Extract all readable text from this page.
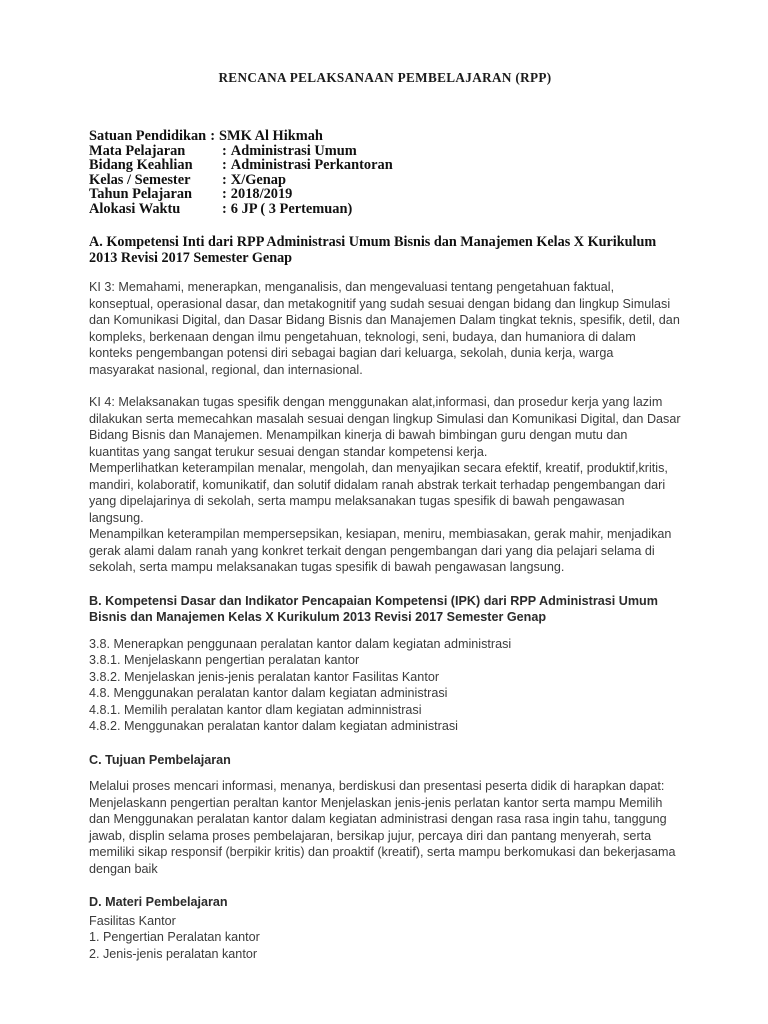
RENCANA PELAKSANAAN PEMBELAJARAN (RPP)
Satuan Pendidikan : SMK Al Hikmah
Mata Pelajaran	: Administrasi Umum
Bidang Keahlian	: Administrasi Perkantoran
Kelas / Semester	: X/Genap
Tahun Pelajaran	: 2018/2019
Alokasi Waktu	: 6 JP ( 3 Pertemuan)
A. Kompetensi Inti dari RPP Administrasi Umum Bisnis dan Manajemen Kelas X Kurikulum 2013 Revisi 2017 Semester Genap
KI 3: Memahami, menerapkan, menganalisis, dan mengevaluasi tentang pengetahuan faktual, konseptual, operasional dasar, dan metakognitif yang sudah sesuai dengan bidang dan lingkup Simulasi dan Komunikasi Digital, dan Dasar Bidang Bisnis dan Manajemen Dalam tingkat teknis, spesifik, detil, dan kompleks, berkenaan dengan ilmu pengetahuan, teknologi, seni, budaya, dan humaniora di dalam konteks pengembangan potensi diri sebagai bagian dari keluarga, sekolah, dunia kerja, warga masyarakat nasional, regional, dan internasional.
KI 4: Melaksanakan tugas spesifik dengan menggunakan alat,informasi, dan prosedur kerja yang lazim dilakukan serta memecahkan masalah sesuai dengan lingkup Simulasi dan Komunikasi Digital, dan Dasar Bidang Bisnis dan Manajemen. Menampilkan kinerja di bawah bimbingan guru dengan mutu dan kuantitas yang sangat terukur sesuai dengan standar kompetensi kerja.
Memperlihatkan keterampilan menalar, mengolah, dan menyajikan secara efektif, kreatif, produktif,kritis, mandiri, kolaboratif, komunikatif, dan solutif didalam ranah abstrak terkait terhadap pengembangan dari yang dipelajarinya di sekolah, serta mampu melaksanakan tugas spesifik di bawah pengawasan langsung.
Menampilkan keterampilan mempersepsikan, kesiapan, meniru, membiasakan, gerak mahir, menjadikan gerak alami dalam ranah yang konkret terkait dengan pengembangan dari yang dia pelajari selama di sekolah, serta mampu melaksanakan tugas spesifik di bawah pengawasan langsung.
B. Kompetensi Dasar dan Indikator Pencapaian Kompetensi (IPK) dari RPP Administrasi Umum Bisnis dan Manajemen Kelas X Kurikulum 2013 Revisi 2017 Semester Genap
3.8. Menerapkan penggunaan peralatan kantor dalam kegiatan administrasi
3.8.1. Menjelaskann pengertian peralatan kantor
3.8.2. Menjelaskan jenis-jenis peralatan kantor Fasilitas Kantor
4.8. Menggunakan peralatan kantor dalam kegiatan administrasi
4.8.1. Memilih peralatan kantor dlam kegiatan adminnistrasi
4.8.2. Menggunakan peralatan kantor dalam kegiatan administrasi
C. Tujuan Pembelajaran
Melalui proses mencari informasi, menanya, berdiskusi dan presentasi peserta didik di harapkan dapat: Menjelaskann pengertian peraltan kantor Menjelaskan jenis-jenis perlatan kantor serta mampu Memilih dan Menggunakan peralatan kantor dalam kegiatan administrasi dengan rasa rasa ingin tahu, tanggung jawab, displin selama proses pembelajaran, bersikap jujur, percaya diri dan pantang menyerah, serta memiliki sikap responsif (berpikir kritis) dan proaktif (kreatif), serta mampu berkomukasi dan bekerjasama dengan baik
D. Materi Pembelajaran
Fasilitas Kantor
1. Pengertian Peralatan kantor
2. Jenis-jenis peralatan kantor
